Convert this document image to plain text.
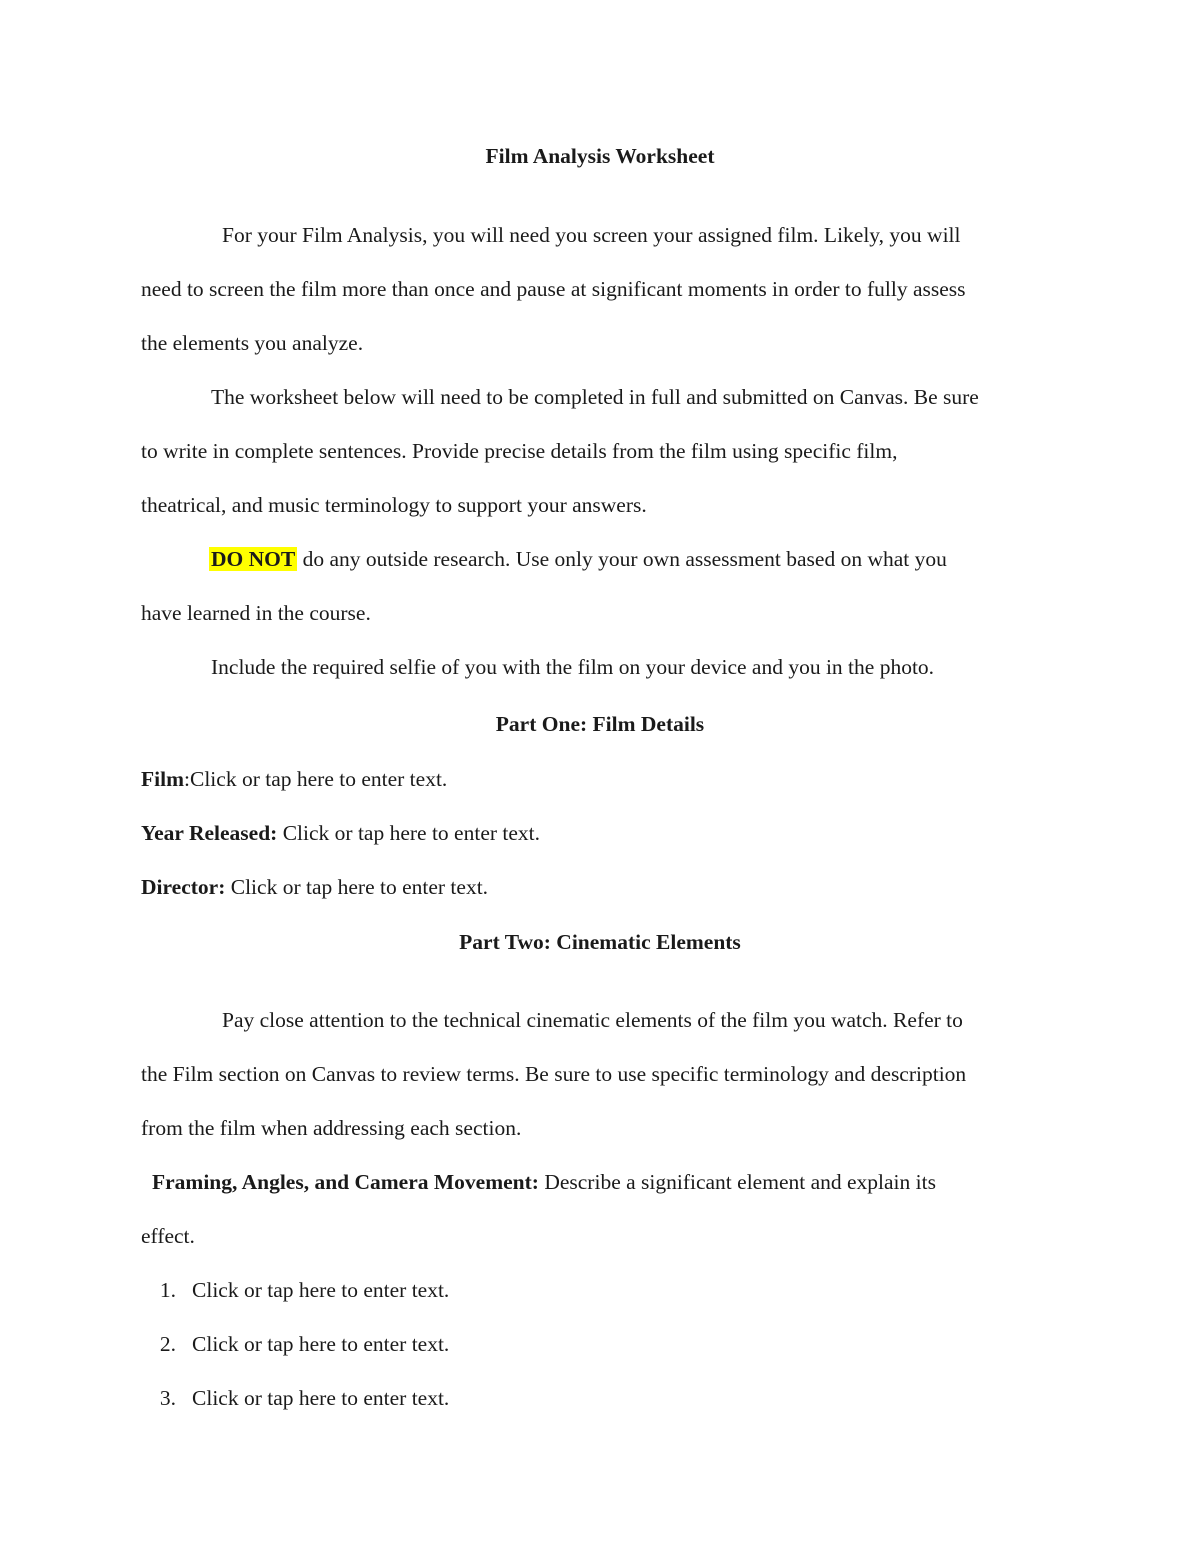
Film Analysis Worksheet
For your Film Analysis, you will need you screen your assigned film. Likely, you will
need to screen the film more than once and pause at significant moments in order to fully assess
the elements you analyze.
The worksheet below will need to be completed in full and submitted on Canvas. Be sure
to write in complete sentences. Provide precise details from the film using specific film,
theatrical, and music terminology to support your answers.
DO NOT do any outside research. Use only your own assessment based on what you
have learned in the course.
Include the required selfie of you with the film on your device and you in the photo.
Part One: Film Details
Film:Click or tap here to enter text.
Year Released: Click or tap here to enter text.
Director: Click or tap here to enter text.
Part Two: Cinematic Elements
Pay close attention to the technical cinematic elements of the film you watch. Refer to
the Film section on Canvas to review terms. Be sure to use specific terminology and description
from the film when addressing each section.
Framing, Angles, and Camera Movement: Describe a significant element and explain its
effect.
1. Click or tap here to enter text.
2. Click or tap here to enter text.
3. Click or tap here to enter text.
